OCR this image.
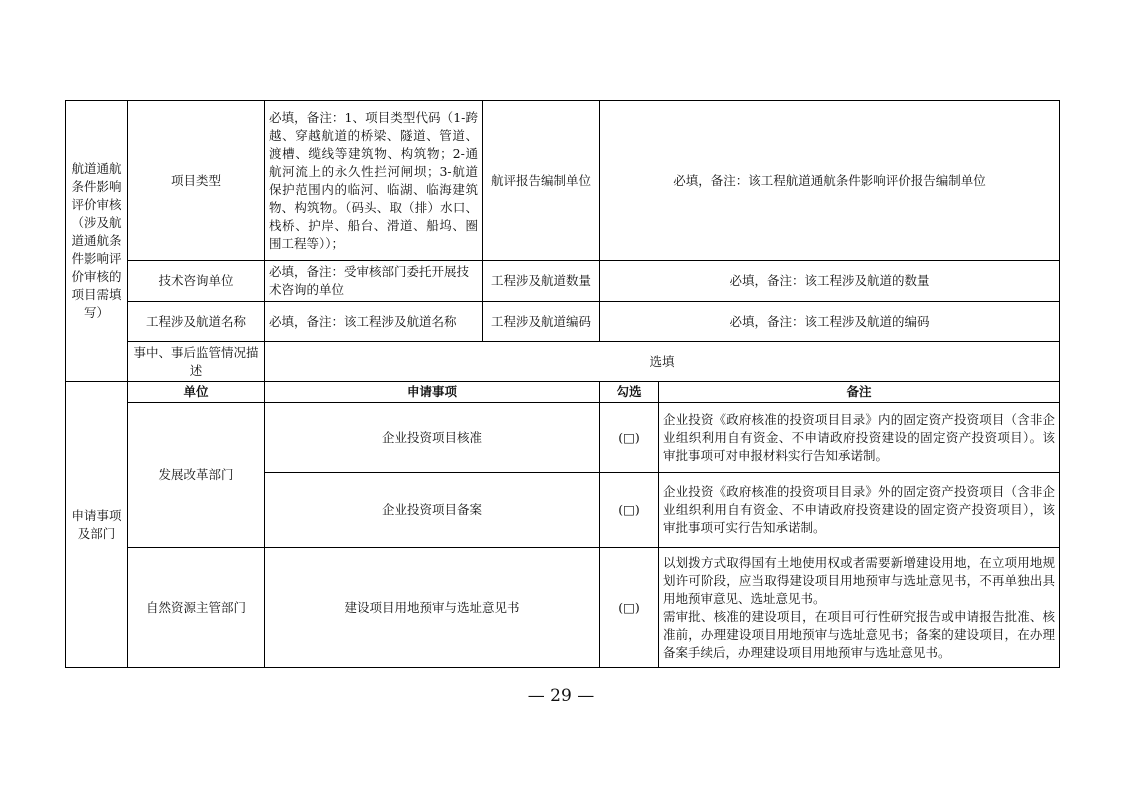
航道通航条件影响评价审核（涉及航道通航条件影响评价审核的项目需填写）	项目类型	必填，备注：1、项目类型代码（1-跨越、穿越航道的桥梁、隧道、管道、渡槽、缆线等建筑物、构筑物；2-通航河流上的永久性拦河闸坝；3-航道保护范围内的临河、临湖、临海建筑物、构筑物。（码头、取（排）水口、栈桥、护岸、船台、滑道、船坞、圈围工程等））；	航评报告编制单位	必填，备注：该工程航道通航条件影响评价报告编制单位	
	技术咨询单位	必填，备注：受审核部门委托开展技术咨询的单位	工程涉及航道数量	必填，备注：该工程涉及航道的数量	
	工程涉及航道名称	必填，备注：该工程涉及航道名称	工程涉及航道编码	必填，备注：该工程涉及航道的编码	
	事中、事后监管情况描述	选填			
申请事项及部门	单位	申请事项		勾选	备注
	发展改革部门	企业投资项目核准		(□)	企业投资《政府核准的投资项目目录》内的固定资产投资项目（含非企业组织利用自有资金、不申请政府投资建设的固定资产投资项目）。该审批事项可对申报材料实行告知承诺制。
		企业投资项目备案		(□)	企业投资《政府核准的投资项目目录》外的固定资产投资项目（含非企业组织利用自有资金、不申请政府投资建设的固定资产投资项目），该审批事项可实行告知承诺制。
	自然资源主管部门	建设项目用地预审与选址意见书		(□)	以划拨方式取得国有土地使用权或者需要新增建设用地，在立项用地规划许可阶段，应当取得建设项目用地预审与选址意见书，不再单独出具用地预审意见、选址意见书。
需审批、核准的建设项目，在项目可行性研究报告或申请报告批准、核准前，办理建设项目用地预审与选址意见书；备案的建设项目，在办理备案手续后，办理建设项目用地预审与选址意见书。
— 29 —
